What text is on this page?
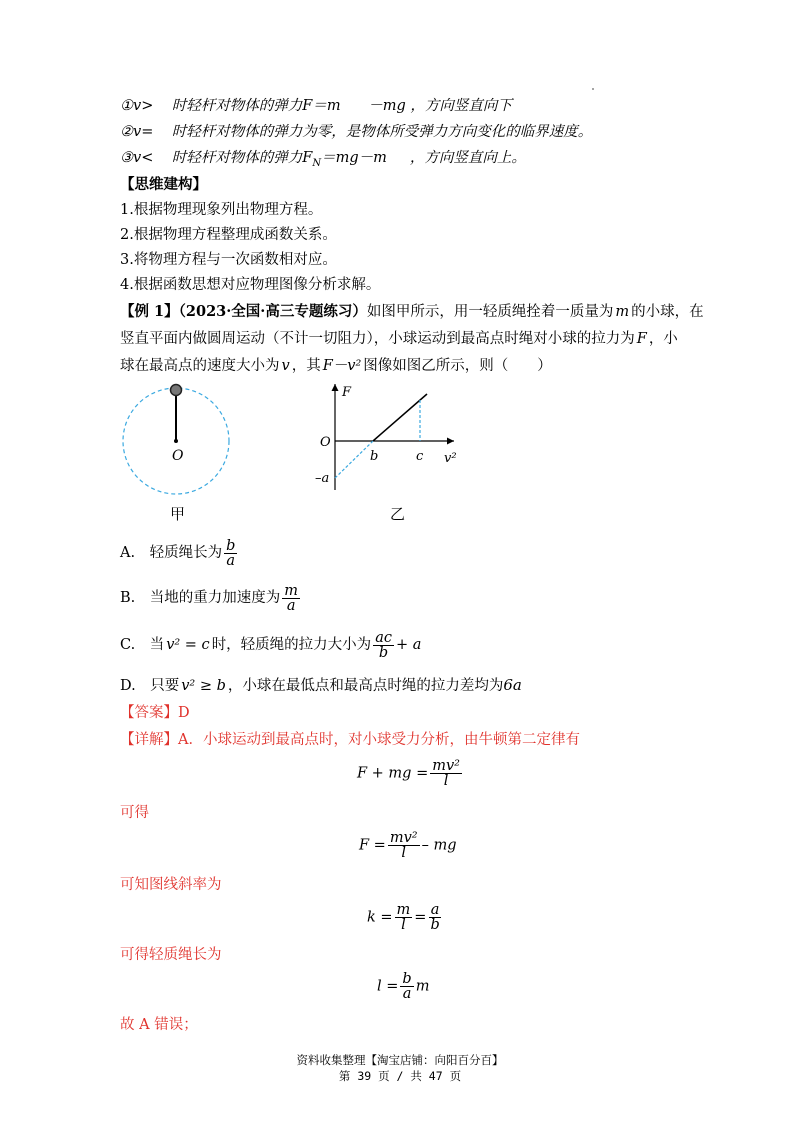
①v>    时轻杆对物体的弹力F＝m      －mg ，方向竖直向下
②v=    时轻杆对物体的弹力为零，是物体所受弹力方向变化的临界速度。
③v<    时轻杆对物体的弹力$F_N=mg-m$     ，方向竖直向上。
【思维建构】
1.根据物理现象列出物理方程。
2.根据物理方程整理成函数关系。
3.将物理方程与一次函数相对应。
4.根据函数思想对应物理图像分析求解。
【例 1】（2023·全国·高三专题练习）如图甲所示，用一轻质绳拴着一质量为 m 的小球，在
竖直平面内做圆周运动（不计一切阻力），小球运动到最高点时绳对小球的拉力为 F ，小
球在最高点的速度大小为 v ，其 F－v² 图像如图乙所示，则（　　）
O
甲
F
O
b	c v²
–a
乙
A.　轻质绳长为 $\frac{b}{a}$
B.　当地的重力加速度为 $\frac{m}{a}$
C.　当 v² = c 时，轻质绳的拉力大小为 $\frac{ac}{b} + a$
D.　只要 v² ≥ b ，小球在最低点和最高点时绳的拉力差均为6a
【答案】D
【详解】A．小球运动到最高点时，对小球受力分析，由牛顿第二定律有
F + mg = $\frac{\text{mv²}}{l}$
可得
$F = \frac{\text{mv²}}{l}$ – mg
可知图线斜率为
$k = \frac{m}{l} = \frac{a}{b}$
可得轻质绳长为
$l = \frac{b}{a}$ m
故 A 错误；
资料收集整理【淘宝店铺：向阳百分百】
第 39 页 / 共 47 页
